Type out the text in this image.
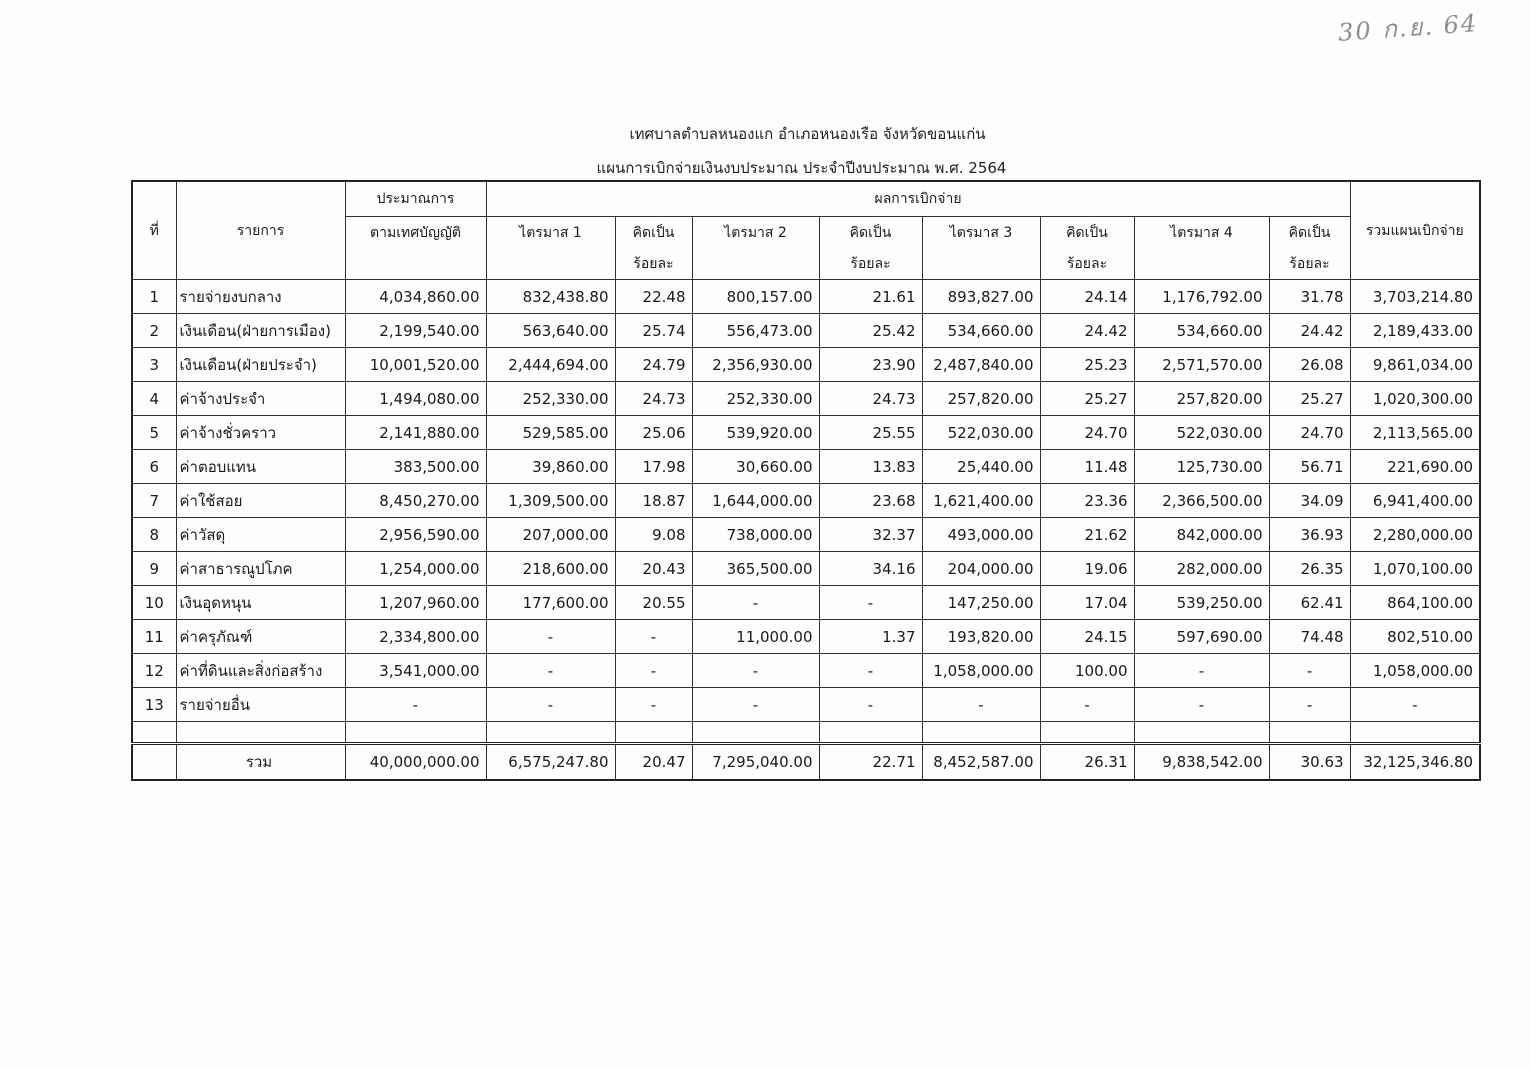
30 ก.ย. 64
เทศบาลตำบลหนองแก อำเภอหนองเรือ จังหวัดขอนแก่น
แผนการเบิกจ่ายเงินงบประมาณ ประจำปีงบประมาณ พ.ศ. 2564
ที่	รายการ	ประมาณการ	ผลการเบิกจ่าย								รวมแผนเบิกจ่าย
		ตามเทศบัญญัติ	ไตรมาส 1	คิดเป็น	ไตรมาส 2	คิดเป็น	ไตรมาส 3	คิดเป็น	ไตรมาส 4	คิดเป็น	
				ร้อยละ		ร้อยละ		ร้อยละ		ร้อยละ	
1	รายจ่ายงบกลาง	4,034,860.00	832,438.80	22.48	800,157.00	21.61	893,827.00	24.14	1,176,792.00	31.78	3,703,214.80
2	เงินเดือน(ฝ่ายการเมือง)	2,199,540.00	563,640.00	25.74	556,473.00	25.42	534,660.00	24.42	534,660.00	24.42	2,189,433.00
3	เงินเดือน(ฝ่ายประจำ)	10,001,520.00	2,444,694.00	24.79	2,356,930.00	23.90	2,487,840.00	25.23	2,571,570.00	26.08	9,861,034.00
4	ค่าจ้างประจำ	1,494,080.00	252,330.00	24.73	252,330.00	24.73	257,820.00	25.27	257,820.00	25.27	1,020,300.00
5	ค่าจ้างชั่วคราว	2,141,880.00	529,585.00	25.06	539,920.00	25.55	522,030.00	24.70	522,030.00	24.70	2,113,565.00
6	ค่าตอบแทน	383,500.00	39,860.00	17.98	30,660.00	13.83	25,440.00	11.48	125,730.00	56.71	221,690.00
7	ค่าใช้สอย	8,450,270.00	1,309,500.00	18.87	1,644,000.00	23.68	1,621,400.00	23.36	2,366,500.00	34.09	6,941,400.00
8	ค่าวัสดุ	2,956,590.00	207,000.00	9.08	738,000.00	32.37	493,000.00	21.62	842,000.00	36.93	2,280,000.00
9	ค่าสาธารณูปโภค	1,254,000.00	218,600.00	20.43	365,500.00	34.16	204,000.00	19.06	282,000.00	26.35	1,070,100.00
10	เงินอุดหนุน	1,207,960.00	177,600.00	20.55	-	-	147,250.00	17.04	539,250.00	62.41	864,100.00
11	ค่าครุภัณฑ์	2,334,800.00	-	-	11,000.00	1.37	193,820.00	24.15	597,690.00	74.48	802,510.00
12	ค่าที่ดินและสิ่งก่อสร้าง	3,541,000.00	-	-	-	-	1,058,000.00	100.00	-	-	1,058,000.00
13	รายจ่ายอื่น	-	-	-	-	-	-	-	-	-	-

	รวม	40,000,000.00	6,575,247.80	20.47	7,295,040.00	22.71	8,452,587.00	26.31	9,838,542.00	30.63	32,125,346.80
